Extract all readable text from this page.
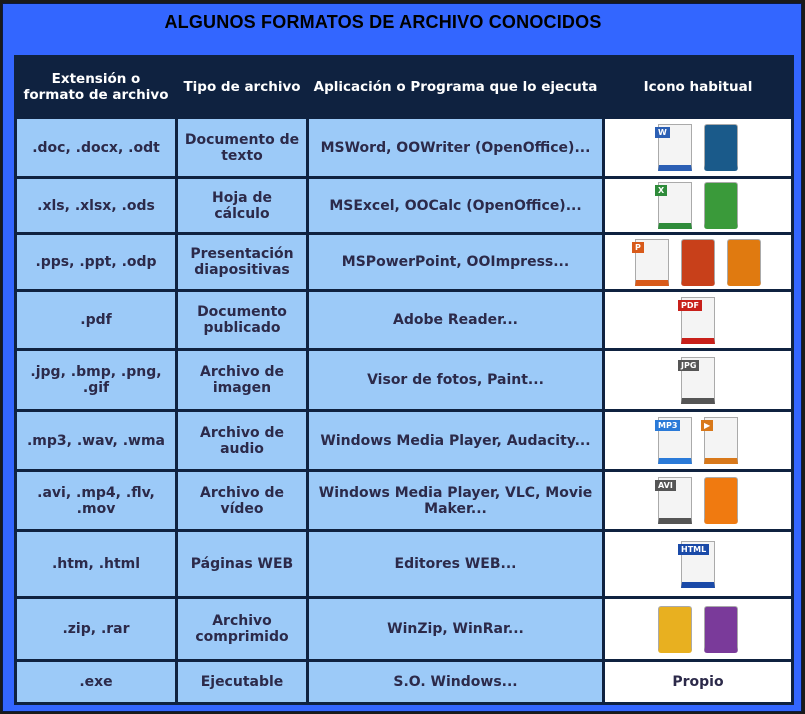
ALGUNOS FORMATOS DE ARCHIVO CONOCIDOS
Extensión o formato de archivo	Tipo de archivo	Aplicación o Programa que lo ejecuta	Icono habitual
.doc, .docx, .odt	Documento de texto	MSWord, OOWriter (OpenOffice)...	W

.xls, .xlsx, .ods	Hoja de cálculo	MSExcel, OOCalc (OpenOffice)...	X

.pps, .ppt, .odp	Presentación diapositivas	MSPowerPoint, OOImpress...	P

.pdf	Documento publicado	Adobe Reader...	PDF

.jpg, .bmp, .png, .gif	Archivo de imagen	Visor de fotos, Paint...	JPG

.mp3, .wav, .wma	Archivo de audio	Windows Media Player, Audacity...	MP3 ▶

.avi, .mp4, .flv, .mov	Archivo de vídeo	Windows Media Player, VLC, Movie Maker...	AVI

.htm, .html	Páginas WEB	Editores WEB...	HTML

.zip, .rar	Archivo comprimido	WinZip, WinRar...	

.exe	Ejecutable	S.O. Windows...	Propio
